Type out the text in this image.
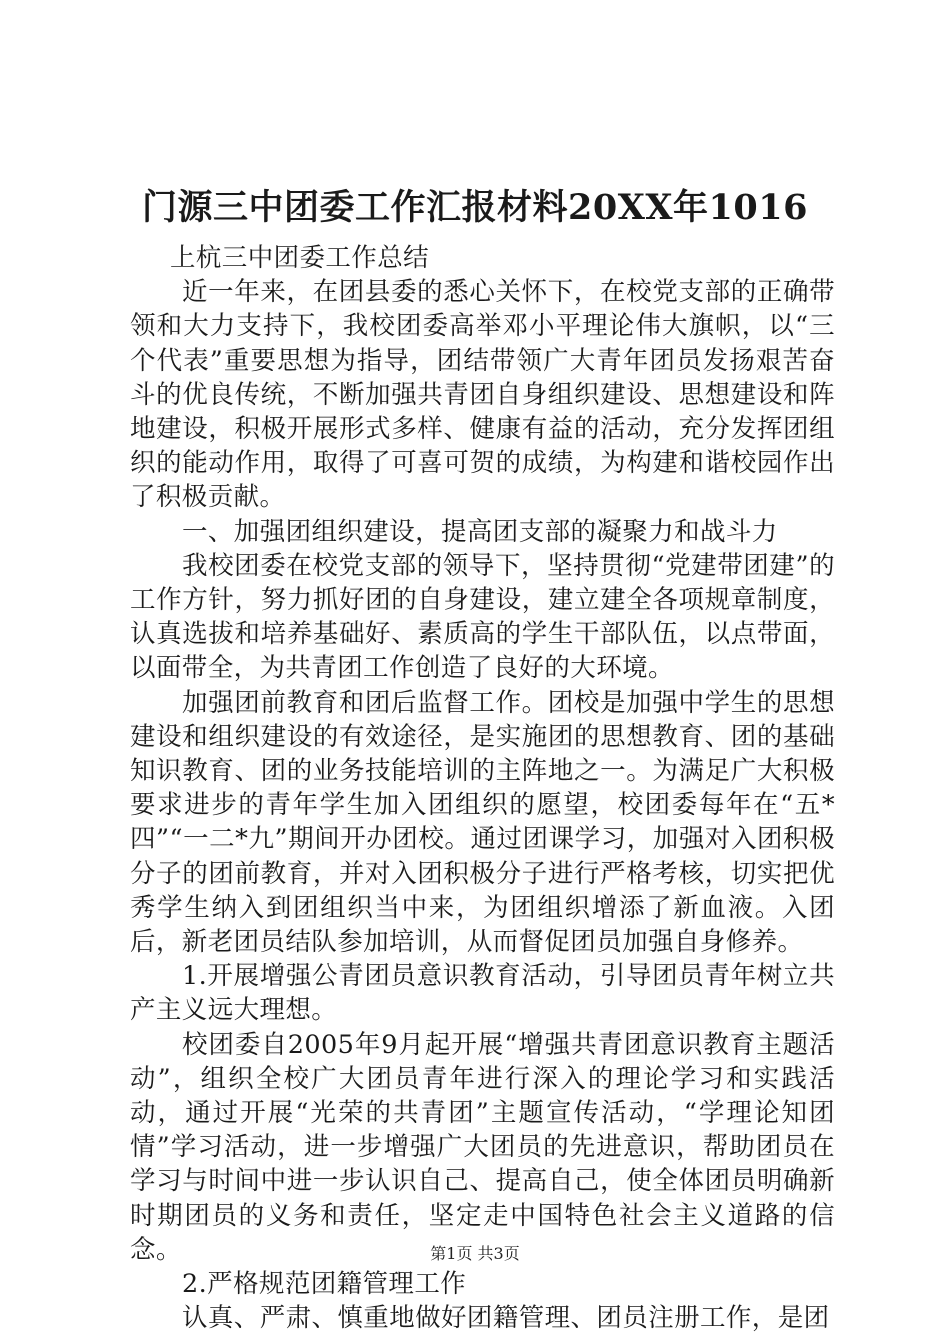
门源三中团委工作汇报材料20XX年1016

上杭三中团委工作总结

近一年来，在团县委的悉心关怀下，在校党支部的正确带领和大力支持下，我校团委高举邓小平理论伟大旗帜，以“三个代表”重要思想为指导，团结带领广大青年团员发扬艰苦奋斗的优良传统，不断加强共青团自身组织建设、思想建设和阵地建设，积极开展形式多样、健康有益的活动，充分发挥团组织的能动作用，取得了可喜可贺的成绩，为构建和谐校园作出了积极贡献。

一、加强团组织建设，提高团支部的凝聚力和战斗力

我校团委在校党支部的领导下，坚持贯彻“党建带团建”的工作方针，努力抓好团的自身建设，建立建全各项规章制度，认真选拔和培养基础好、素质高的学生干部队伍，以点带面，以面带全，为共青团工作创造了良好的大环境。

加强团前教育和团后监督工作。团校是加强中学生的思想建设和组织建设的有效途径，是实施团的思想教育、团的基础知识教育、团的业务技能培训的主阵地之一。为满足广大积极要求进步的青年学生加入团组织的愿望，校团委每年在“五*四”“一二*九”期间开办团校。通过团课学习，加强对入团积极分子的团前教育，并对入团积极分子进行严格考核，切实把优秀学生纳入到团组织当中来，为团组织增添了新血液。入团后，新老团员结队参加培训，从而督促团员加强自身修养。

1.开展增强公青团员意识教育活动，引导团员青年树立共产主义远大理想。

校团委自2005年9月起开展“增强共青团意识教育主题活动”，组织全校广大团员青年进行深入的理论学习和实践活动，通过开展“光荣的共青团”主题宣传活动，“学理论知团情”学习活动，进一步增强广大团员的先进意识，帮助团员在学习与时间中进一步认识自己、提高自己，使全体团员明确新时期团员的义务和责任，坚定走中国特色社会主义道路的信念。

2.严格规范团籍管理工作

认真、严肃、慎重地做好团籍管理、团员注册工作，是团

第1页 共3页
